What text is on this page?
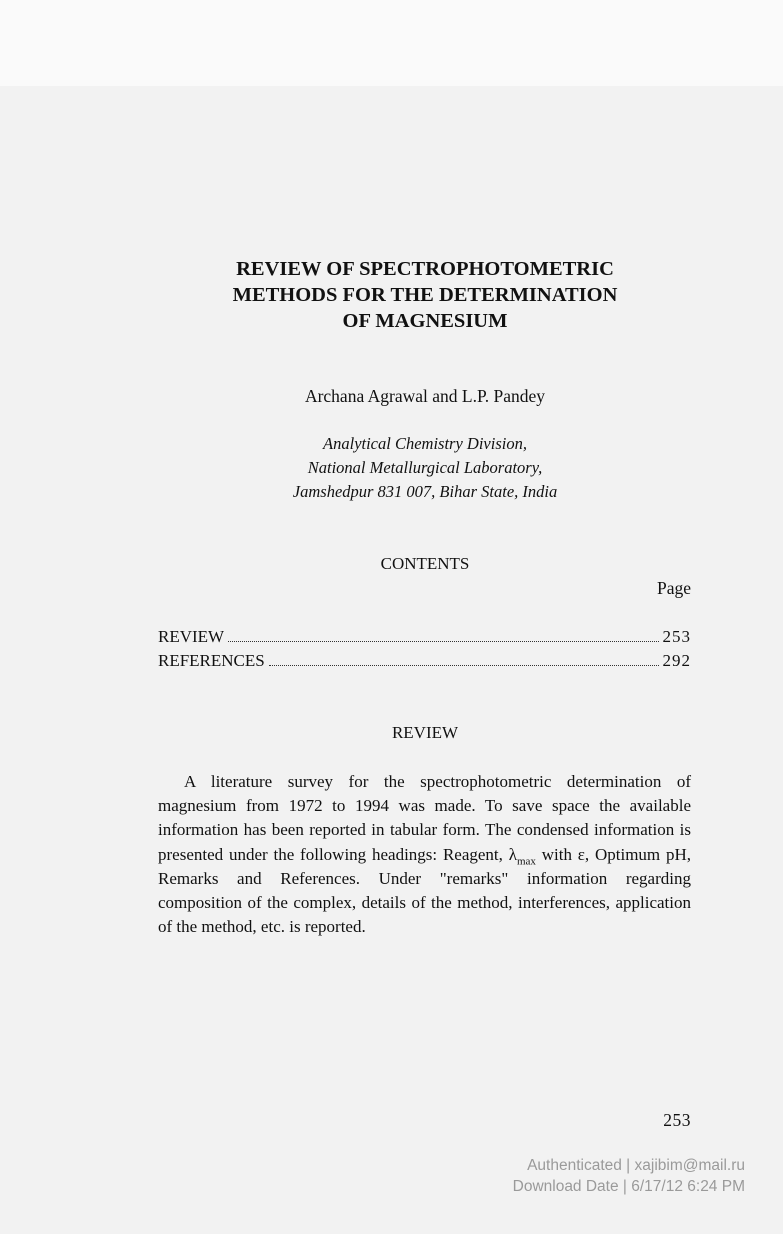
REVIEW OF SPECTROPHOTOMETRIC
METHODS FOR THE DETERMINATION
OF MAGNESIUM

Archana Agrawal and L.P. Pandey

Analytical Chemistry Division,
National Metallurgical Laboratory,
Jamshedpur 831 007, Bihar State, India
CONTENTS
Page
REVIEW	253
REFERENCES	292
REVIEW

A literature survey for the spectrophotometric determination of magnesium from 1972 to 1994 was made. To save space the available information has been reported in tabular form. The condensed information is presented under the following headings: Reagent, $\lambda_{max}$ with ε, Optimum pH, Remarks and References. Under "remarks" information regarding composition of the complex, details of the method, interferences, application of the method, etc. is reported.

253
Authenticated | xajibim@mail.ru
Download Date | 6/17/12 6:24 PM
